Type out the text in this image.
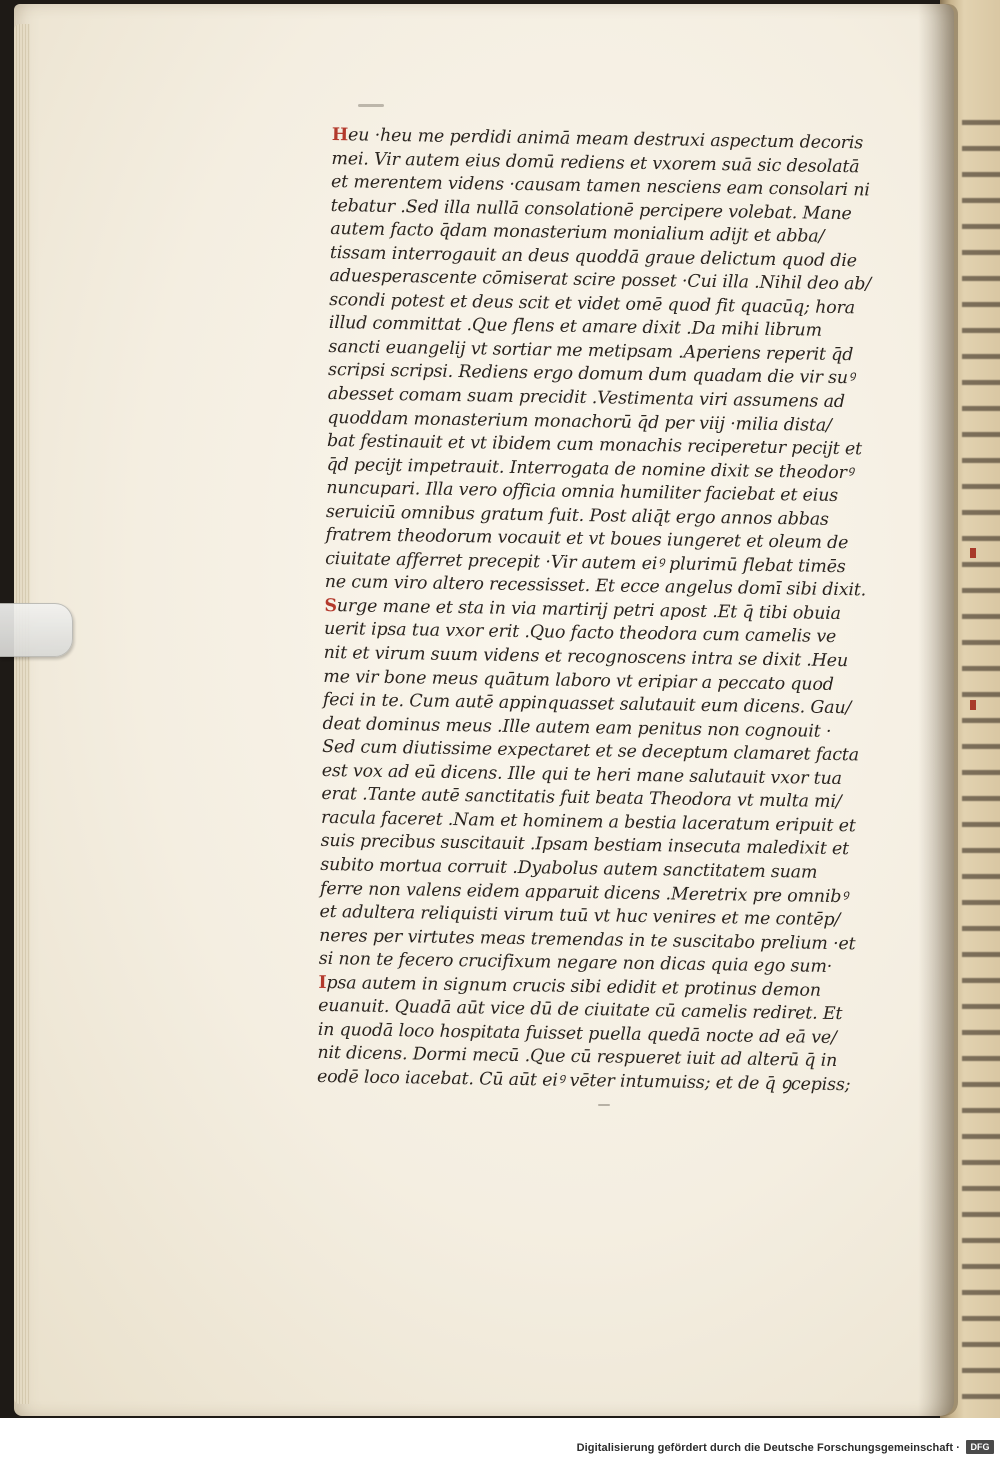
Heu ·heu me perdidi animā meam destruxi aspectum decoris
mei. Vir autem eius domū rediens et vxorem suā sic desolatā
et merentem videns ·causam tamen nesciens eam consolari ni
tebatur .Sed illa nullā consolationē percipere volebat. Mane
autem facto q̄dam monasterium monialium adijt et abba/
tissam interrogauit an deus quoddā graue delictum quod die
aduesperascente cōmiserat scire posset ·Cui illa .Nihil deo ab/
scondi potest et deus scit et videt omē quod fit quacūq; hora
illud committat .Que flens et amare dixit .Da mihi librum
sancti euangelij vt sortiar me metipsam .Aperiens reperit q̄d
scripsi scripsi. Rediens ergo domum dum quadam die vir suꝰ
abesset comam suam precidit .Vestimenta viri assumens ad
quoddam monasterium monachorū q̄d per viij ·milia dista/
bat festinauit et vt ibidem cum monachis reciperetur pecijt et
q̄d pecijt impetrauit. Interrogata de nomine dixit se theodorꝰ
nuncupari. Illa vero officia omnia humiliter faciebat et eius
seruiciū omnibus gratum fuit. Post aliq̄t ergo annos abbas
fratrem theodorum vocauit et vt boues iungeret et oleum de
ciuitate afferret precepit ·Vir autem eiꝰ plurimū flebat timēs
ne cum viro altero recessisset. Et ecce angelus domī sibi dixit.
Surge mane et sta in via martirij petri apost .Et q̄ tibi obuia
uerit ipsa tua vxor erit .Quo facto theodora cum camelis ve
nit et virum suum videns et recognoscens intra se dixit .Heu
me vir bone meus quātum laboro vt eripiar a peccato quod
feci in te. Cum autē appinquasset salutauit eum dicens. Gau/
deat dominus meus .Ille autem eam penitus non cognouit ·
Sed cum diutissime expectaret et se deceptum clamaret facta
est vox ad eū dicens. Ille qui te heri mane salutauit vxor tua
erat .Tante autē sanctitatis fuit beata Theodora vt multa mi/
racula faceret .Nam et hominem a bestia laceratum eripuit et
suis precibus suscitauit .Ipsam bestiam insecuta maledixit et
subito mortua corruit .Dyabolus autem sanctitatem suam
ferre non valens eidem apparuit dicens .Meretrix pre omnibꝰ
et adultera reliquisti virum tuū vt huc venires et me contēp/
neres per virtutes meas tremendas in te suscitabo prelium ·et
si non te fecero crucifixum negare non dicas quia ego sum·
Ipsa autem in signum crucis sibi edidit et protinus demon
euanuit. Quadā aūt vice dū de ciuitate cū camelis rediret. Et
in quodā loco hospitata fuisset puella quedā nocte ad eā ve/
nit dicens. Dormi mecū .Que cū respueret iuit ad alterū q̄ in
eodē loco iacebat. Cū aūt eiꝰ vēter intumuiss; et de q̄ ꝯcepiss;
Digitalisierung gefördert durch die Deutsche Forschungsgemeinschaft ·	DFG
